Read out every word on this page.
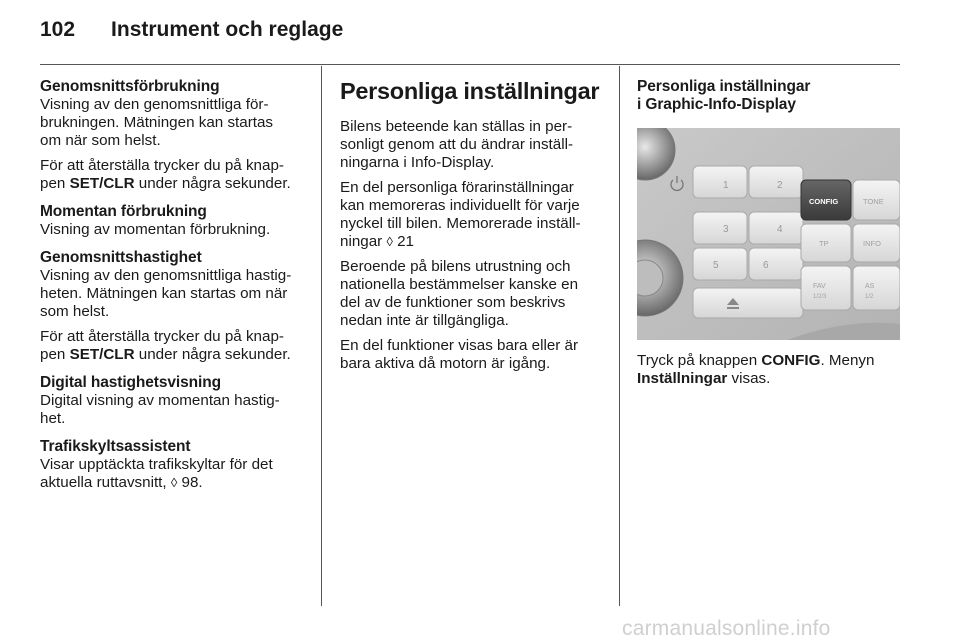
102 Instrument och reglage
Genomsnittsförbrukning
Visning av den genomsnittliga för-
brukningen. Mätningen kan startas
om när som helst.
För att återställa trycker du på knap-
pen SET/CLR under några sekunder.
Momentan förbrukning
Visning av momentan förbrukning.
Genomsnittshastighet
Visning av den genomsnittliga hastig-
heten. Mätningen kan startas om när
som helst.
För att återställa trycker du på knap-
pen SET/CLR under några sekunder.
Digital hastighetsvisning
Digital visning av momentan hastig-
het.
Trafikskyltsassistent
Visar upptäckta trafikskyltar för det
aktuella ruttavsnitt, ◊ 98.
Personliga inställningar
Bilens beteende kan ställas in per-
sonligt genom att du ändrar inställ-
ningarna i Info-Display.
En del personliga förarinställningar
kan memoreras individuellt för varje
nyckel till bilen. Memorerade inställ-
ningar ◊ 21
Beroende på bilens utrustning och
nationella bestämmelser kanske en
del av de funktioner som beskrivs
nedan inte är tillgängliga.
En del funktioner visas bara eller är
bara aktiva då motorn är igång.
Personliga inställningar
i Graphic-Info-Display
1	2
3	4
5	6
CONFIG	TONE
TP	INFO
FAV
1/2/3
AS
1/2
Tryck på knappen CONFIG. Menyn
Inställningar visas.
carmanualsonline.info
